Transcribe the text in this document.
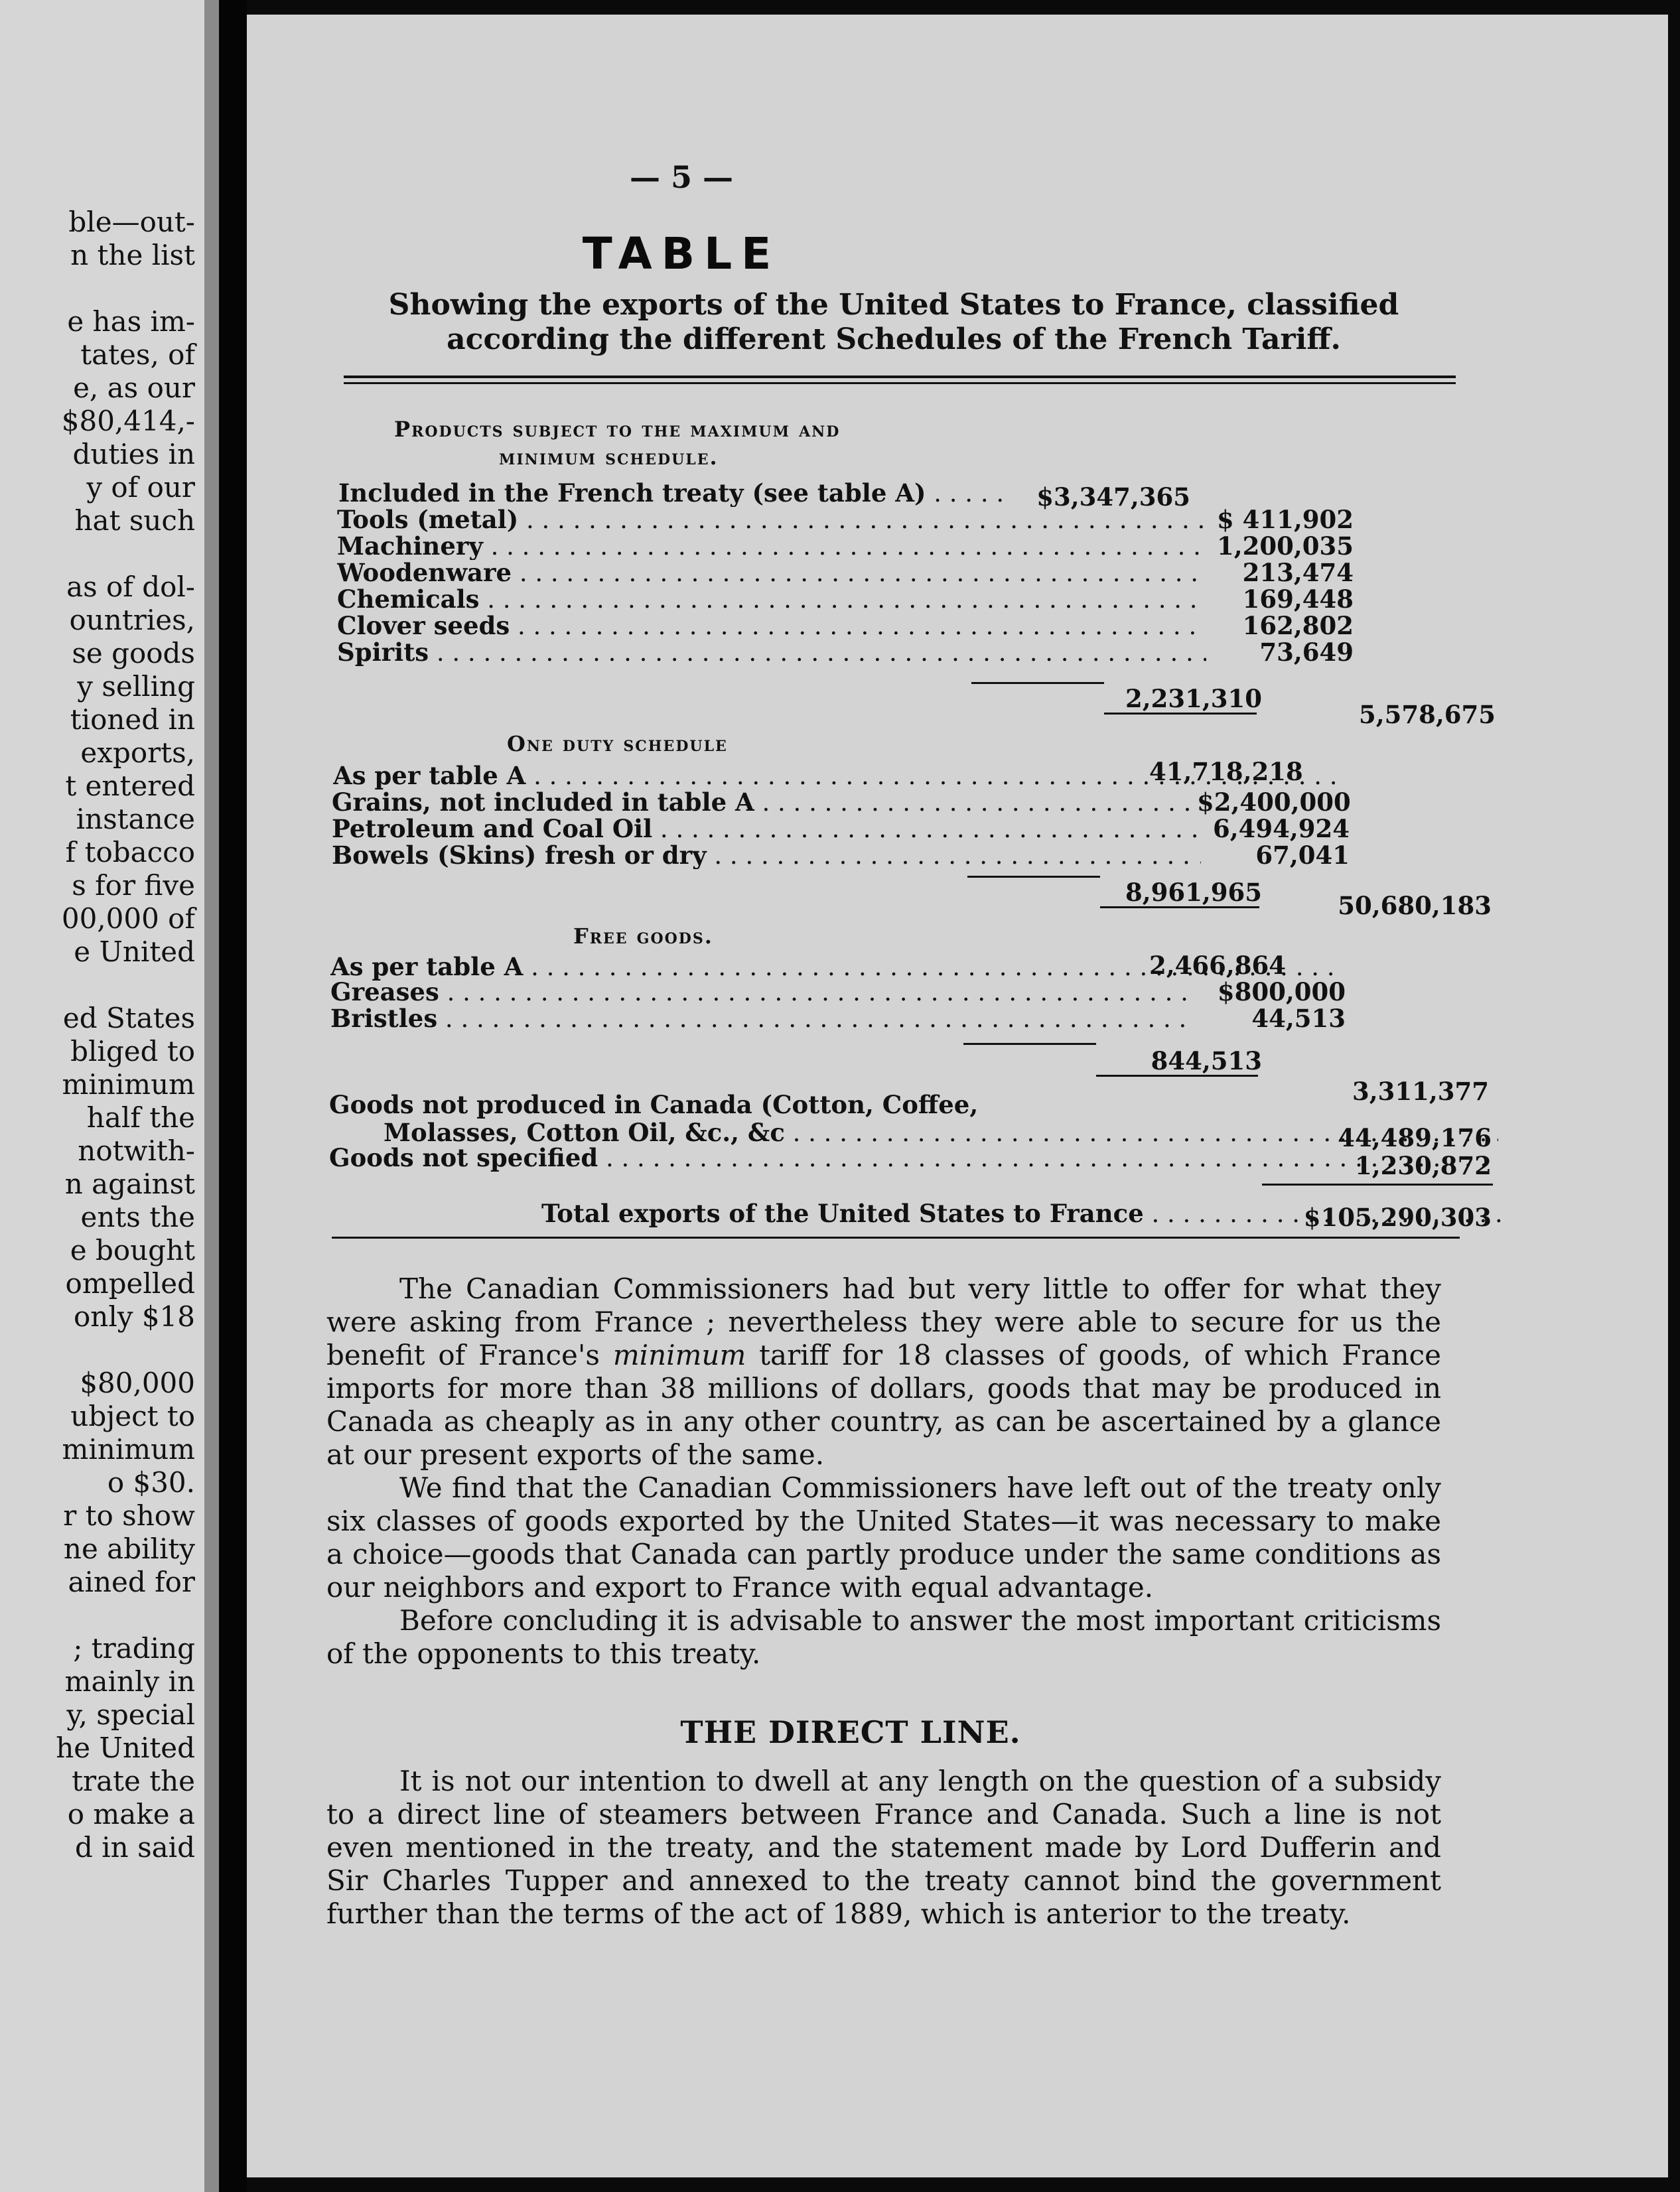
ble—out-
n the list
e has im-
tates, of
e, as our
$80,414,-
duties in
y of our
hat such
as of dol-
ountries,
se goods
y selling
tioned in
exports,
t entered
instance
f tobacco
s for five
00,000 of
e United
ed States
bliged to
minimum
half the
notwith-
n against
ents the
e bought
ompelled
only $18
$80,000
ubject to
minimum
o $30.
r to show
ne ability
ained for
; trading
mainly in
y, special
he United
trate the
o make a
d in said
— 5 —
TABLE
Showing the exports of the United States to France, classified according the different Schedules of the French Tariff.
Products subject to the maximum and
minimum schedule.
Included in the French treaty (see table A) . . .	$3,347,365
Tools (metal) . . .	$ 411,902
Machinery . . .	1,200,035
Woodenware . . .	213,474
Chemicals . . .	169,448
Clover seeds . . .	162,802
Spirits . . .	73,649
2,231,310
5,578,675
One duty schedule
As per table A . . .	41,718,218
Grains, not included in table A . . .	$2,400,000
Petroleum and Coal Oil . . .	6,494,924
Bowels (Skins) fresh or dry . . .	67,041
8,961,965	50,680,183
Free goods.
As per table A . . .	2,466,864
Greases . . .	$800,000
Bristles . . .	44,513
844,513
3,311,377
Goods not produced in Canada (Cotton, Coffee,
Molasses, Cotton Oil, &c., &c . . .	44,489,176
Goods not specified . . .	1,230,872
Total exports of the United States to France . . .	$105,290,303

The Canadian Commissioners had but very little to offer for what they were asking from France ; nevertheless they were able to secure for us the benefit of France's minimum tariff for 18 classes of goods, of which France imports for more than 38 millions of dollars, goods that may be produced in Canada as cheaply as in any other country, as can be ascertained by a glance at our present exports of the same.

We find that the Canadian Commissioners have left out of the treaty only six classes of goods exported by the United States—it was necessary to make a choice—goods that Canada can partly produce under the same conditions as our neighbors and export to France with equal advantage.

Before concluding it is advisable to answer the most important criticisms of the opponents to this treaty.

THE DIRECT LINE.

It is not our intention to dwell at any length on the question of a subsidy to a direct line of steamers between France and Canada. Such a line is not even mentioned in the treaty, and the statement made by Lord Dufferin and Sir Charles Tupper and annexed to the treaty cannot bind the government further than the terms of the act of 1889, which is anterior to the treaty.
